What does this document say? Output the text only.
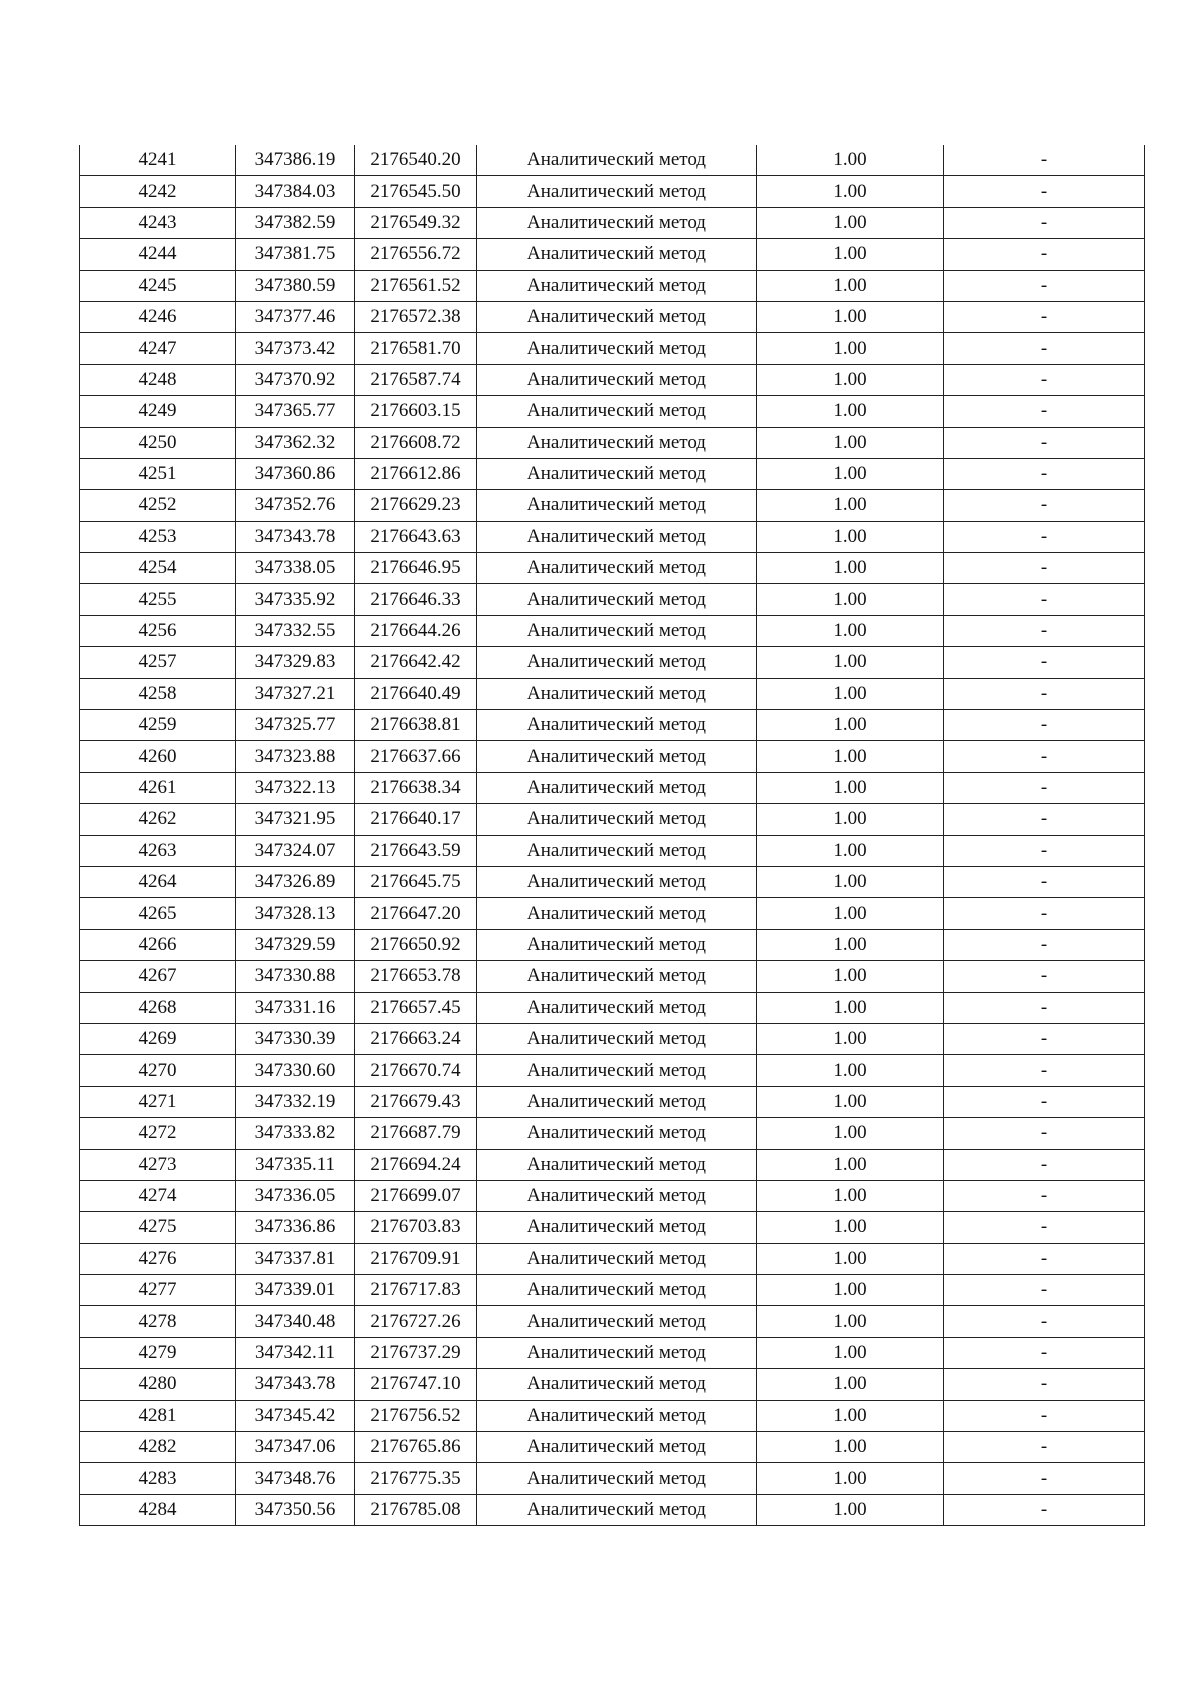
4241	347386.19	2176540.20	Аналитический метод	1.00	-
4242	347384.03	2176545.50	Аналитический метод	1.00	-
4243	347382.59	2176549.32	Аналитический метод	1.00	-
4244	347381.75	2176556.72	Аналитический метод	1.00	-
4245	347380.59	2176561.52	Аналитический метод	1.00	-
4246	347377.46	2176572.38	Аналитический метод	1.00	-
4247	347373.42	2176581.70	Аналитический метод	1.00	-
4248	347370.92	2176587.74	Аналитический метод	1.00	-
4249	347365.77	2176603.15	Аналитический метод	1.00	-
4250	347362.32	2176608.72	Аналитический метод	1.00	-
4251	347360.86	2176612.86	Аналитический метод	1.00	-
4252	347352.76	2176629.23	Аналитический метод	1.00	-
4253	347343.78	2176643.63	Аналитический метод	1.00	-
4254	347338.05	2176646.95	Аналитический метод	1.00	-
4255	347335.92	2176646.33	Аналитический метод	1.00	-
4256	347332.55	2176644.26	Аналитический метод	1.00	-
4257	347329.83	2176642.42	Аналитический метод	1.00	-
4258	347327.21	2176640.49	Аналитический метод	1.00	-
4259	347325.77	2176638.81	Аналитический метод	1.00	-
4260	347323.88	2176637.66	Аналитический метод	1.00	-
4261	347322.13	2176638.34	Аналитический метод	1.00	-
4262	347321.95	2176640.17	Аналитический метод	1.00	-
4263	347324.07	2176643.59	Аналитический метод	1.00	-
4264	347326.89	2176645.75	Аналитический метод	1.00	-
4265	347328.13	2176647.20	Аналитический метод	1.00	-
4266	347329.59	2176650.92	Аналитический метод	1.00	-
4267	347330.88	2176653.78	Аналитический метод	1.00	-
4268	347331.16	2176657.45	Аналитический метод	1.00	-
4269	347330.39	2176663.24	Аналитический метод	1.00	-
4270	347330.60	2176670.74	Аналитический метод	1.00	-
4271	347332.19	2176679.43	Аналитический метод	1.00	-
4272	347333.82	2176687.79	Аналитический метод	1.00	-
4273	347335.11	2176694.24	Аналитический метод	1.00	-
4274	347336.05	2176699.07	Аналитический метод	1.00	-
4275	347336.86	2176703.83	Аналитический метод	1.00	-
4276	347337.81	2176709.91	Аналитический метод	1.00	-
4277	347339.01	2176717.83	Аналитический метод	1.00	-
4278	347340.48	2176727.26	Аналитический метод	1.00	-
4279	347342.11	2176737.29	Аналитический метод	1.00	-
4280	347343.78	2176747.10	Аналитический метод	1.00	-
4281	347345.42	2176756.52	Аналитический метод	1.00	-
4282	347347.06	2176765.86	Аналитический метод	1.00	-
4283	347348.76	2176775.35	Аналитический метод	1.00	-
4284	347350.56	2176785.08	Аналитический метод	1.00	-
